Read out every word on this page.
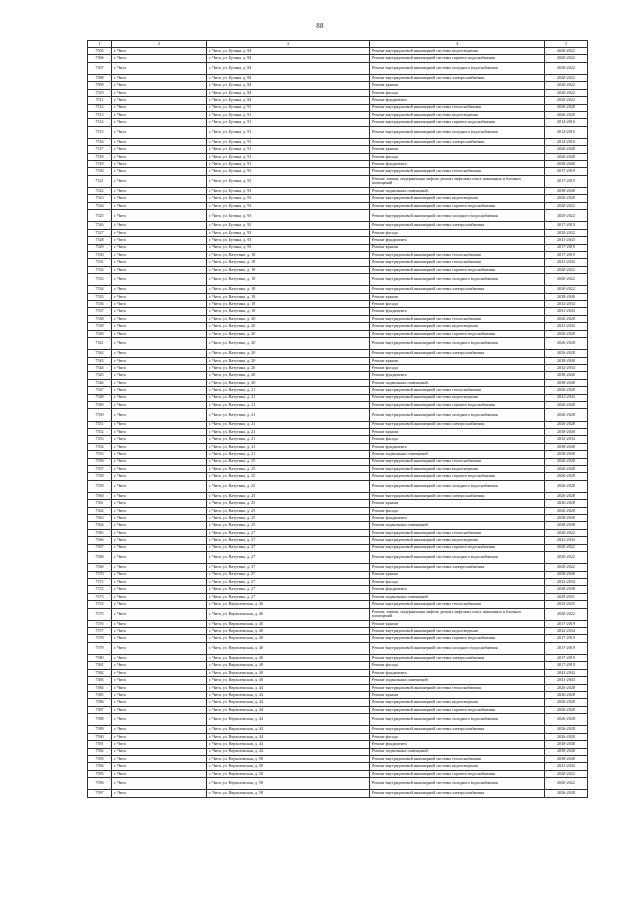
88
1	2	3	4	5
7505	г. Чита	г. Чита, ул. Бутина, д. 84	Ремонт внутридомовой инженерной системы водоотведения	2020-2022
7506	г. Чита	г. Чита, ул. Бутина, д. 84	Ремонт внутридомовой инженерной системы горячего водоснабжения	2020-2022
7507	г. Чита	г. Чита, ул. Бутина, д. 84	Ремонт внутридомовой инженерной системы холодного водоснабжения	2020-2022
7508	г. Чита	г. Чита, ул. Бутина, д. 84	Ремонт внутридомовой инженерной системы электроснабжения	2020-2022
7509	г. Чита	г. Чита, ул. Бутина, д. 84	Ремонт крыши	2020-2022
7510	г. Чита	г. Чита, ул. Бутина, д. 84	Ремонт фасада	2020-2022
7511	г. Чита	г. Чита, ул. Бутина, д. 84	Ремонт фундамента	2020-2022
7512	г. Чита	г. Чита, ул. Бутина, д. 91	Ремонт внутридомовой инженерной системы теплоснабжения	2026-2028
7513	г. Чита	г. Чита, ул. Бутина, д. 91	Ремонт внутридомовой инженерной системы водоотведения	2026-2028
7514	г. Чита	г. Чита, ул. Бутина, д. 91	Ремонт внутридомовой инженерной системы горячего водоснабжения	2014-2016
7515	г. Чита	г. Чита, ул. Бутина, д. 91	Ремонт внутридомовой инженерной системы холодного водоснабжения	2014-2016
7516	г. Чита	г. Чита, ул. Бутина, д. 91	Ремонт внутридомовой инженерной системы электроснабжения	2014-2016
7517	г. Чита	г. Чита, ул. Бутина, д. 91	Ремонт крыши	2026-2028
7518	г. Чита	г. Чита, ул. Бутина, д. 91	Ремонт фасада	2026-2028
7519	г. Чита	г. Чита, ул. Бутина, д. 91	Ремонт фундамента	2038-2040
7520	г. Чита	г. Чита, ул. Бутина, д. 93	Ремонт внутридомовой инженерной системы теплоснабжения	2017-2019
7521	г. Чита	г. Чита, ул. Бутина, д. 93	Ремонт, замена, модернизация лифтов, ремонт лифтовых шахт, машинных и блочных помещений	2017-2019
7522	г. Чита	г. Чита, ул. Бутина, д. 93	Ремонт подвальных помещений	2038-2040
7523	г. Чита	г. Чита, ул. Бутина, д. 93	Ремонт внутридомовой инженерной системы водоотведения	2026-2028
7524	г. Чита	г. Чита, ул. Бутина, д. 93	Ремонт внутридомовой инженерной системы горячего водоснабжения	2020-2022
7525	г. Чита	г. Чита, ул. Бутина, д. 93	Ремонт внутридомовой инженерной системы холодного водоснабжения	2020-2022
7526	г. Чита	г. Чита, ул. Бутина, д. 93	Ремонт внутридомовой инженерной системы электроснабжения	2017-2019
7527	г. Чита	г. Чита, ул. Бутина, д. 93	Ремонт фасада	2020-2022
7528	г. Чита	г. Чита, ул. Бутина, д. 93	Ремонт фундамента	2041-2043
7529	г. Чита	г. Чита, ул. Бутина, д. 93	Ремонт крыши	2017-2019
7530	г. Чита	г. Чита, ул. Ватутина, д. 18	Ремонт внутридомовой инженерной системы теплоснабжения	2017-2019
7531	г. Чита	г. Чита, ул. Ватутина, д. 18	Ремонт внутридомовой инженерной системы теплоснабжения	2041-2043
7532	г. Чита	г. Чита, ул. Ватутина, д. 18	Ремонт внутридомовой инженерной системы горячего водоснабжения	2020-2022
7533	г. Чита	г. Чита, ул. Ватутина, д. 18	Ремонт внутридомовой инженерной системы холодного водоснабжения	2020-2022
7534	г. Чита	г. Чита, ул. Ватутина, д. 18	Ремонт внутридомовой инженерной системы электроснабжения	2020-2022
7535	г. Чита	г. Чита, ул. Ватутина, д. 18	Ремонт крыши	2038-2040
7536	г. Чита	г. Чита, ул. Ватутина, д. 18	Ремонт фасада	2032-2034
7537	г. Чита	г. Чита, ул. Ватутина, д. 18	Ремонт фундамента	2041-2043
7538	г. Чита	г. Чита, ул. Ватутина, д. 20	Ремонт внутридомовой инженерной системы теплоснабжения	2026-2028
7539	г. Чита	г. Чита, ул. Ватутина, д. 20	Ремонт внутридомовой инженерной системы водоотведения	2041-2043
7540	г. Чита	г. Чита, ул. Ватутина, д. 20	Ремонт внутридомовой инженерной системы горячего водоснабжения	2026-2028
7541	г. Чита	г. Чита, ул. Ватутина, д. 20	Ремонт внутридомовой инженерной системы холодного водоснабжения	2026-2028
7542	г. Чита	г. Чита, ул. Ватутина, д. 20	Ремонт внутридомовой инженерной системы электроснабжения	2026-2028
7543	г. Чита	г. Чита, ул. Ватутина, д. 20	Ремонт крыши	2038-2040
7544	г. Чита	г. Чита, ул. Ватутина, д. 20	Ремонт фасада	2032-2034
7545	г. Чита	г. Чита, ул. Ватутина, д. 20	Ремонт фундамента	2038-2040
7546	г. Чита	г. Чита, ул. Ватутина, д. 20	Ремонт подвальных помещений	2038-2040
7547	г. Чита	г. Чита, ул. Ватутина, д. 21	Ремонт внутридомовой инженерной системы теплоснабжения	2026-2028
7548	г. Чита	г. Чита, ул. Ватутина, д. 21	Ремонт внутридомовой инженерной системы водоотведения	2041-2043
7549	г. Чита	г. Чита, ул. Ватутина, д. 21	Ремонт внутридомовой инженерной системы горячего водоснабжения	2026-2028
7550	г. Чита	г. Чита, ул. Ватутина, д. 21	Ремонт внутридомовой инженерной системы холодного водоснабжения	2026-2028
7551	г. Чита	г. Чита, ул. Ватутина, д. 21	Ремонт внутридомовой инженерной системы электроснабжения	2026-2028
7552	г. Чита	г. Чита, ул. Ватутина, д. 21	Ремонт крыши	2038-2040
7553	г. Чита	г. Чита, ул. Ватутина, д. 21	Ремонт фасада	2032-2034
7554	г. Чита	г. Чита, ул. Ватутина, д. 21	Ремонт фундамента	2038-2040
7555	г. Чита	г. Чита, ул. Ватутина, д. 21	Ремонт подвальных помещений	2038-2040
7556	г. Чита	г. Чита, ул. Ватутина, д. 25	Ремонт внутридомовой инженерной системы теплоснабжения	2026-2028
7557	г. Чита	г. Чита, ул. Ватутина, д. 25	Ремонт внутридомовой инженерной системы водоотведения	2026-2028
7558	г. Чита	г. Чита, ул. Ватутина, д. 25	Ремонт внутридомовой инженерной системы горячего водоснабжения	2026-2028
7559	г. Чита	г. Чита, ул. Ватутина, д. 25	Ремонт внутридомовой инженерной системы холодного водоснабжения	2026-2028
7560	г. Чита	г. Чита, ул. Ватутина, д. 25	Ремонт внутридомовой инженерной системы электроснабжения	2026-2028
7561	г. Чита	г. Чита, ул. Ватутина, д. 25	Ремонт крыши	2026-2028
7562	г. Чита	г. Чита, ул. Ватутина, д. 25	Ремонт фасада	2026-2028
7563	г. Чита	г. Чита, ул. Ватутина, д. 25	Ремонт фундамента	2038-2040
7564	г. Чита	г. Чита, ул. Ватутина, д. 25	Ремонт подвальных помещений	2038-2040
7565	г. Чита	г. Чита, ул. Ватутина, д. 27	Ремонт внутридомовой инженерной системы теплоснабжения	2020-2022
7566	г. Чита	г. Чита, ул. Ватутина, д. 27	Ремонт внутридомовой инженерной системы водоотведения	2041-2043
7567	г. Чита	г. Чита, ул. Ватутина, д. 27	Ремонт внутридомовой инженерной системы горячего водоснабжения	2020-2022
7568	г. Чита	г. Чита, ул. Ватутина, д. 27	Ремонт внутридомовой инженерной системы холодного водоснабжения	2020-2022
7569	г. Чита	г. Чита, ул. Ватутина, д. 27	Ремонт внутридомовой инженерной системы электроснабжения	2020-2022
7570	г. Чита	г. Чита, ул. Ватутина, д. 27	Ремонт крыши	2038-2040
7571	г. Чита	г. Чита, ул. Ватутина, д. 27	Ремонт фасада	2032-2034
7572	г. Чита	г. Чита, ул. Ватутина, д. 27	Ремонт фундамента	2038-2040
7573	г. Чита	г. Чита, ул. Ватутина, д. 27	Ремонт подвальных помещений	2029-2031
7574	г. Чита	г. Чита, ул. Верхоленская, д. 40	Ремонт внутридомовой инженерной системы теплоснабжения	2023-2025
7575	г. Чита	г. Чита, ул. Верхоленская, д. 40	Ремонт, замена, модернизация лифтов, ремонт лифтовых шахт, машинных и блочных помещений	2020-2022
7576	г. Чита	г. Чита, ул. Верхоленская, д. 40	Ремонт крыши	2017-2019
7577	г. Чита	г. Чита, ул. Верхоленская, д. 40	Ремонт внутридомовой инженерной системы водоотведения	2032-2034
7578	г. Чита	г. Чита, ул. Верхоленская, д. 40	Ремонт внутридомовой инженерной системы горячего водоснабжения	2017-2019
7579	г. Чита	г. Чита, ул. Верхоленская, д. 40	Ремонт внутридомовой инженерной системы холодного водоснабжения	2017-2019
7580	г. Чита	г. Чита, ул. Верхоленская, д. 40	Ремонт внутридомовой инженерной системы электроснабжения	2017-2019
7581	г. Чита	г. Чита, ул. Верхоленская, д. 40	Ремонт фасада	2017-2019
7582	г. Чита	г. Чита, ул. Верхоленская, д. 40	Ремонт фундамента	2041-2043
7583	г. Чита	г. Чита, ул. Верхоленская, д. 40	Ремонт подвальных помещений	2041-2043
7584	г. Чита	г. Чита, ул. Верхоленская, д. 44	Ремонт внутридомовой инженерной системы теплоснабжения	2026-2028
7585	г. Чита	г. Чита, ул. Верхоленская, д. 44	Ремонт крыши	2026-2028
7586	г. Чита	г. Чита, ул. Верхоленская, д. 44	Ремонт внутридомовой инженерной системы водоотведения	2026-2028
7587	г. Чита	г. Чита, ул. Верхоленская, д. 44	Ремонт внутридомовой инженерной системы горячего водоснабжения	2026-2028
7588	г. Чита	г. Чита, ул. Верхоленская, д. 44	Ремонт внутридомовой инженерной системы холодного водоснабжения	2026-2028
7589	г. Чита	г. Чита, ул. Верхоленская, д. 44	Ремонт внутридомовой инженерной системы электроснабжения	2026-2028
7590	г. Чита	г. Чита, ул. Верхоленская, д. 44	Ремонт фасада	2026-2028
7591	г. Чита	г. Чита, ул. Верхоленская, д. 44	Ремонт фундамента	2038-2040
7592	г. Чита	г. Чита, ул. Верхоленская, д. 44	Ремонт подвальных помещений	2038-2040
7593	г. Чита	г. Чита, ул. Верхоленская, д. 58	Ремонт внутридомовой инженерной системы теплоснабжения	2038-2040
7594	г. Чита	г. Чита, ул. Верхоленская, д. 58	Ремонт внутридомовой инженерной системы водоотведения	2041-2043
7595	г. Чита	г. Чита, ул. Верхоленская, д. 58	Ремонт внутридомовой инженерной системы горячего водоснабжения	2020-2022
7596	г. Чита	г. Чита, ул. Верхоленская, д. 58	Ремонт внутридомовой инженерной системы холодного водоснабжения	2020-2022
7597	г. Чита	г. Чита, ул. Верхоленская, д. 58	Ремонт внутридомовой инженерной системы электроснабжения	2026-2028
